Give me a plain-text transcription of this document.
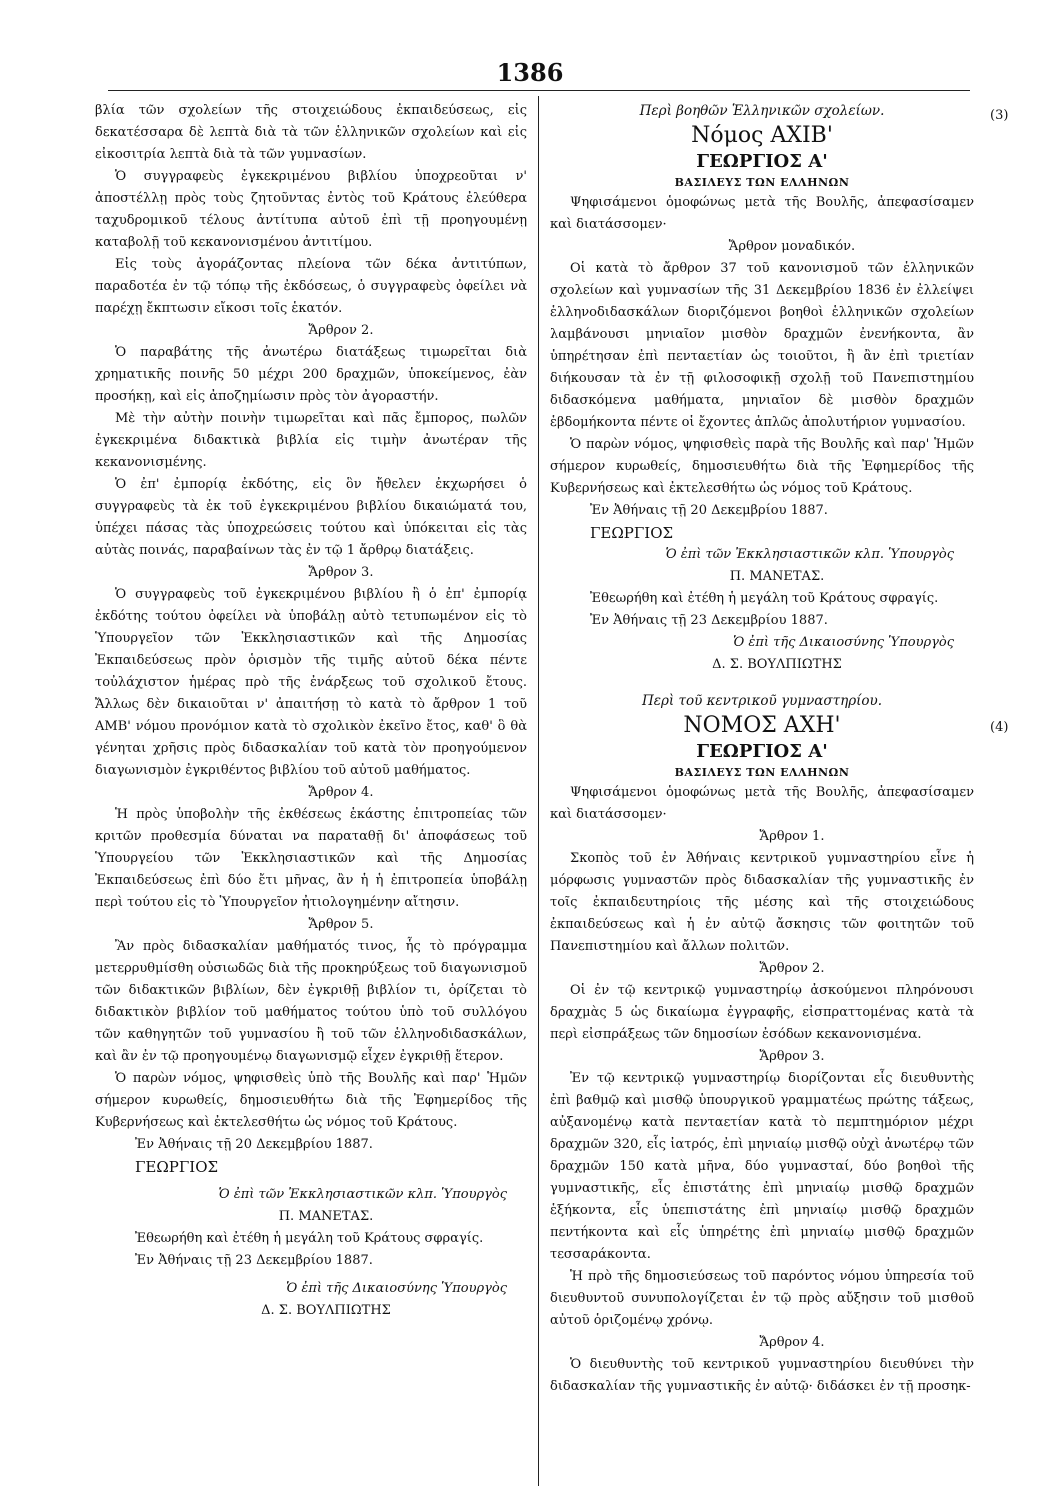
1386

βλία τῶν σχολείων τῆς στοιχειώδους ἐκπαιδεύσεως, εἰς δεκατέσσαρα δὲ λεπτὰ διὰ τὰ τῶν ἑλληνικῶν σχολείων καὶ εἰς εἰκοσιτρία λεπτὰ διὰ τὰ τῶν γυμνασίων.

Ὁ συγγραφεὺς ἐγκεκριμένου βιβλίου ὑποχρεοῦται ν' ἀποστέλλῃ πρὸς τοὺς ζητοῦντας ἐντὸς τοῦ Κράτους ἐλεύθερα ταχυδρομικοῦ τέλους ἀντίτυπα αὐτοῦ ἐπὶ τῇ προηγουμένῃ καταβολῇ τοῦ κεκανονισμένου ἀντιτίμου.

Εἰς τοὺς ἀγοράζοντας πλείονα τῶν δέκα ἀντιτύπων, παραδοτέα ἐν τῷ τόπῳ τῆς ἐκδόσεως, ὁ συγγραφεὺς ὀφείλει νὰ παρέχῃ ἔκπτωσιν εἴκοσι τοῖς ἑκατόν.

Ἄρθρον 2.

Ὁ παραβάτης τῆς ἀνωτέρω διατάξεως τιμωρεῖται διὰ χρηματικῆς ποινῆς 50 μέχρι 200 δραχμῶν, ὑποκείμενος, ἐὰν προσήκῃ, καὶ εἰς ἀποζημίωσιν πρὸς τὸν ἀγοραστήν.

Μὲ τὴν αὐτὴν ποινὴν τιμωρεῖται καὶ πᾶς ἔμπορος, πωλῶν ἐγκεκριμένα διδακτικὰ βιβλία εἰς τιμὴν ἀνωτέραν τῆς κεκανονισμένης.

Ὁ ἐπ' ἐμπορίᾳ ἐκδότης, εἰς ὃν ἤθελεν ἐκχωρήσει ὁ συγγραφεὺς τὰ ἐκ τοῦ ἐγκεκριμένου βιβλίου δικαιώματά του, ὑπέχει πάσας τὰς ὑποχρεώσεις τούτου καὶ ὑπόκειται εἰς τὰς αὐτὰς ποινάς, παραβαίνων τὰς ἐν τῷ 1 ἄρθρῳ διατάξεις.

Ἄρθρον 3.

Ὁ συγγραφεὺς τοῦ ἐγκεκριμένου βιβλίου ἢ ὁ ἐπ' ἐμπορίᾳ ἐκδότης τούτου ὀφείλει νὰ ὑποβάλῃ αὐτὸ τετυπωμένον εἰς τὸ Ὑπουργεῖον τῶν Ἐκκλησιαστικῶν καὶ τῆς Δημοσίας Ἐκπαιδεύσεως πρὸν ὁρισμὸν τῆς τιμῆς αὐτοῦ δέκα πέντε τοὐλάχιστον ἡμέρας πρὸ τῆς ἐνάρξεως τοῦ σχολικοῦ ἔτους. Ἄλλως δὲν δικαιοῦται ν' ἀπαιτήσῃ τὸ κατὰ τὸ ἄρθρον 1 τοῦ ΑΜΒ' νόμου προνόμιον κατὰ τὸ σχολικὸν ἐκεῖνο ἔτος, καθ' ὃ θὰ γένηται χρῆσις πρὸς διδασκαλίαν τοῦ κατὰ τὸν προηγούμενον διαγωνισμὸν ἐγκριθέντος βιβλίου τοῦ αὐτοῦ μαθήματος.

Ἄρθρον 4.

Ἡ πρὸς ὑποβολὴν τῆς ἐκθέσεως ἑκάστης ἐπιτροπείας τῶν κριτῶν προθεσμία δύναται να παραταθῇ δι' ἀποφάσεως τοῦ Ὑπουργείου τῶν Ἐκκλησιαστικῶν καὶ τῆς Δημοσίας Ἐκπαιδεύσεως ἐπὶ δύο ἔτι μῆνας, ἂν ἡ ἡ ἐπιτροπεία ὑποβάλῃ περὶ τούτου εἰς τὸ Ὑπουργεῖον ἠτιολογημένην αἴτησιν.

Ἄρθρον 5.

Ἂν πρὸς διδασκαλίαν μαθήματός τινος, ἧς τὸ πρόγραμμα μετερρυθμίσθη οὐσιωδῶς διὰ τῆς προκηρύξεως τοῦ διαγωνισμοῦ τῶν διδακτικῶν βιβλίων, δὲν ἐγκριθῇ βιβλίον τι, ὁρίζεται τὸ διδακτικὸν βιβλίον τοῦ μαθήματος τούτου ὑπὸ τοῦ συλλόγου τῶν καθηγητῶν τοῦ γυμνασίου ἢ τοῦ τῶν ἑλληνοδιδασκάλων, καὶ ἂν ἐν τῷ προηγουμένῳ διαγωνισμῷ εἶχεν ἐγκριθῇ ἕτερον.

Ὁ παρὼν νόμος, ψηφισθεὶς ὑπὸ τῆς Βουλῆς καὶ παρ' Ἡμῶν σήμερον κυρωθείς, δημοσιευθήτω διὰ τῆς Ἐφημερίδος τῆς Κυβερνήσεως καὶ ἐκτελεσθήτω ὡς νόμος τοῦ Κράτους.

Ἐν Ἀθήναις τῇ 20 Δεκεμβρίου 1887.
ΓΕΩΡΓΙΟΣ
Ὁ ἐπὶ τῶν Ἐκκλησιαστικῶν κλπ. Ὑπουργὸς
Π. ΜΑΝΕΤΑΣ.
Ἐθεωρήθη καὶ ἐτέθη ἡ μεγάλη τοῦ Κράτους σφραγίς.
Ἐν Ἀθήναις τῇ 23 Δεκεμβρίου 1887.
Ὁ ἐπὶ τῆς Δικαιοσύνης Ὑπουργὸς
Δ. Σ. ΒΟΥΛΠΙΩΤΗΣ
(3)
(4)
Περὶ βοηθῶν Ἑλληνικῶν σχολείων.
Νόμος ΑΧΙΒ'
ΓΕΩΡΓΙΟΣ Α'
ΒΑΣΙΛΕΥΣ ΤΩΝ ΕΛΛΗΝΩΝ

Ψηφισάμενοι ὁμοφώνως μετὰ τῆς Βουλῆς, ἀπεφασίσαμεν καὶ διατάσσομεν·

Ἄρθρον μοναδικόν.

Οἱ κατὰ τὸ ἄρθρον 37 τοῦ κανονισμοῦ τῶν ἑλληνικῶν σχολείων καὶ γυμνασίων τῆς 31 Δεκεμβρίου 1836 ἐν ἐλλείψει ἑλληνοδιδασκάλων διοριζόμενοι βοηθοὶ ἑλληνικῶν σχολείων λαμβάνουσι μηνιαῖον μισθὸν δραχμῶν ἐνενήκοντα, ἂν ὑπηρέτησαν ἐπὶ πενταετίαν ὡς τοιοῦτοι, ἢ ἂν ἐπὶ τριετίαν διήκουσαν τὰ ἐν τῇ φιλοσοφικῇ σχολῇ τοῦ Πανεπιστημίου διδασκόμενα μαθήματα, μηνιαῖον δὲ μισθὸν δραχμῶν ἑβδομήκοντα πέντε οἱ ἔχοντες ἁπλῶς ἀπολυτήριον γυμνασίου.

Ὁ παρὼν νόμος, ψηφισθεὶς παρὰ τῆς Βουλῆς καὶ παρ' Ἡμῶν σήμερον κυρωθείς, δημοσιευθήτω διὰ τῆς Ἐφημερίδος τῆς Κυβερνήσεως καὶ ἐκτελεσθήτω ὡς νόμος τοῦ Κράτους.

Ἐν Ἀθήναις τῇ 20 Δεκεμβρίου 1887.
ΓΕΩΡΓΙΟΣ
Ὁ ἐπὶ τῶν Ἐκκλησιαστικῶν κλπ. Ὑπουργὸς
Π. ΜΑΝΕΤΑΣ.
Ἐθεωρήθη καὶ ἐτέθη ἡ μεγάλη τοῦ Κράτους σφραγίς.
Ἐν Ἀθήναις τῇ 23 Δεκεμβρίου 1887.
Ὁ ἐπὶ τῆς Δικαιοσύνης Ὑπουργὸς
Δ. Σ. ΒΟΥΛΠΙΩΤΗΣ
Περὶ τοῦ κεντρικοῦ γυμναστηρίου.
ΝΟΜΟΣ ΑΧΗ'
ΓΕΩΡΓΙΟΣ Α'
ΒΑΣΙΛΕΥΣ ΤΩΝ ΕΛΛΗΝΩΝ

Ψηφισάμενοι ὁμοφώνως μετὰ τῆς Βουλῆς, ἀπεφασίσαμεν καὶ διατάσσομεν·

Ἄρθρον 1.

Σκοπὸς τοῦ ἐν Ἀθήναις κεντρικοῦ γυμναστηρίου εἶνε ἡ μόρφωσις γυμναστῶν πρὸς διδασκαλίαν τῆς γυμναστικῆς ἐν τοῖς ἐκπαιδευτηρίοις τῆς μέσης καὶ τῆς στοιχειώδους ἐκπαιδεύσεως καὶ ἡ ἐν αὐτῷ ἄσκησις τῶν φοιτητῶν τοῦ Πανεπιστημίου καὶ ἄλλων πολιτῶν.

Ἄρθρον 2.

Οἱ ἐν τῷ κεντρικῷ γυμναστηρίῳ ἀσκούμενοι πληρόνουσι δραχμὰς 5 ὡς δικαίωμα ἐγγραφῆς, εἰσπραττομένας κατὰ τὰ περὶ εἰσπράξεως τῶν δημοσίων ἐσόδων κεκανονισμένα.

Ἄρθρον 3.

Ἐν τῷ κεντρικῷ γυμναστηρίῳ διορίζονται εἷς διευθυντὴς ἐπὶ βαθμῷ καὶ μισθῷ ὑπουργικοῦ γραμματέως πρώτης τάξεως, αὐξανομένῳ κατὰ πενταετίαν κατὰ τὸ πεμπτημόριον μέχρι δραχμῶν 320, εἷς ἰατρός, ἐπὶ μηνιαίῳ μισθῷ οὐχὶ ἀνωτέρῳ τῶν δραχμῶν 150 κατὰ μῆνα, δύο γυμνασταί, δύο βοηθοὶ τῆς γυμναστικῆς, εἷς ἐπιστάτης ἐπὶ μηνιαίῳ μισθῷ δραχμῶν ἑξήκοντα, εἷς ὑπεπιστάτης ἐπὶ μηνιαίῳ μισθῷ δραχμῶν πεντήκοντα καὶ εἷς ὑπηρέτης ἐπὶ μηνιαίῳ μισθῷ δραχμῶν τεσσαράκοντα.

Ἡ πρὸ τῆς δημοσιεύσεως τοῦ παρόντος νόμου ὑπηρεσία τοῦ διευθυντοῦ συνυπολογίζεται ἐν τῷ πρὸς αὔξησιν τοῦ μισθοῦ αὐτοῦ ὁριζομένῳ χρόνῳ.

Ἄρθρον 4.

Ὁ διευθυντὴς τοῦ κεντρικοῦ γυμναστηρίου διευθύνει τὴν διδασκαλίαν τῆς γυμναστικῆς ἐν αὐτῷ· διδάσκει ἐν τῇ προσηκ-
